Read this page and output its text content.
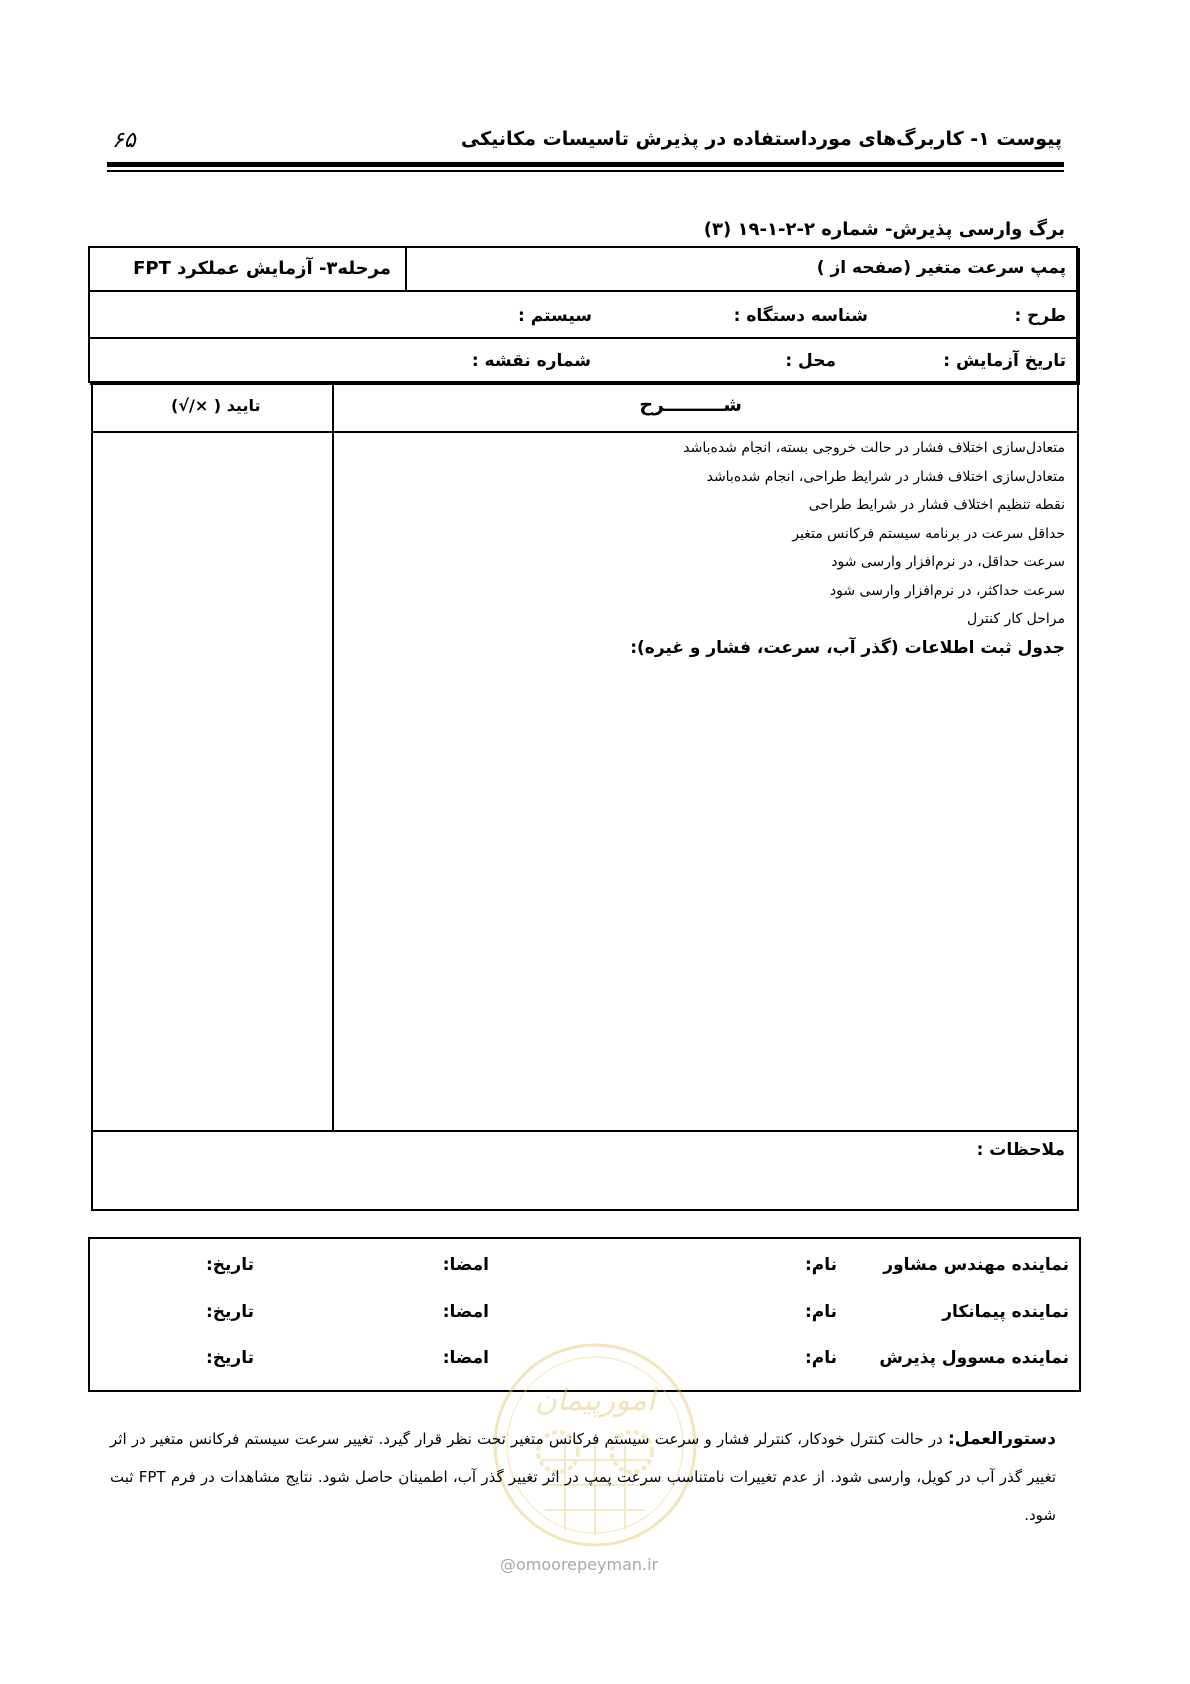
۶۵	پیوست ۱- کاربرگ‌های مورداستفاده در پذیرش تاسیسات مکانیکی
برگ وارسی پذیرش- شماره ۲-۲-۱-۱۹ (۳)
پمپ سرعت متغیر (صفحه از )
مرحله۳- آزمایش عملکرد FPT
طرح :
شناسه دستگاه :
سیستم :
تاریخ آزمایش :
محل :
شماره نقشه :
شـــــــــرح
تایید ( ×/√)
متعادل‌سازی اختلاف فشار در حالت خروجی بسته، انجام شده‌باشد
متعادل‌سازی اختلاف فشار در شرایط طراحی، انجام شده‌باشد
نقطه تنظیم اختلاف فشار در شرایط طراحی
حداقل سرعت در برنامه سیستم فرکانس متغیر
سرعت حداقل، در نرم‌افزار وارسی شود
سرعت حداکثر، در نرم‌افزار وارسی شود
مراحل کار کنترل
جدول ثبت اطلاعات (گذر آب، سرعت، فشار و غیره):
ملاحظات :
نماینده مهندس مشاور
نام:
امضا:
تاریخ:
نماینده پیمانکار
نام:
امضا:
تاریخ:
نماینده مسوول پذیرش
نام:
امضا:
تاریخ:
امورپیمان
@omoorepeyman.ir
دستورالعمل: در حالت کنترل خودکار، کنترلر فشار و سرعت سیستم فرکانس متغیر تحت نظر قرار گیرد. تغییر سرعت سیستم فرکانس متغیر در اثر تغییر گذر آب در کویل، وارسی شود. از عدم تغییرات نامتناسب سرعت پمپ در اثر تغییر گذر آب، اطمینان حاصل شود. نتایج مشاهدات در فرم FPT ثبت شود.
